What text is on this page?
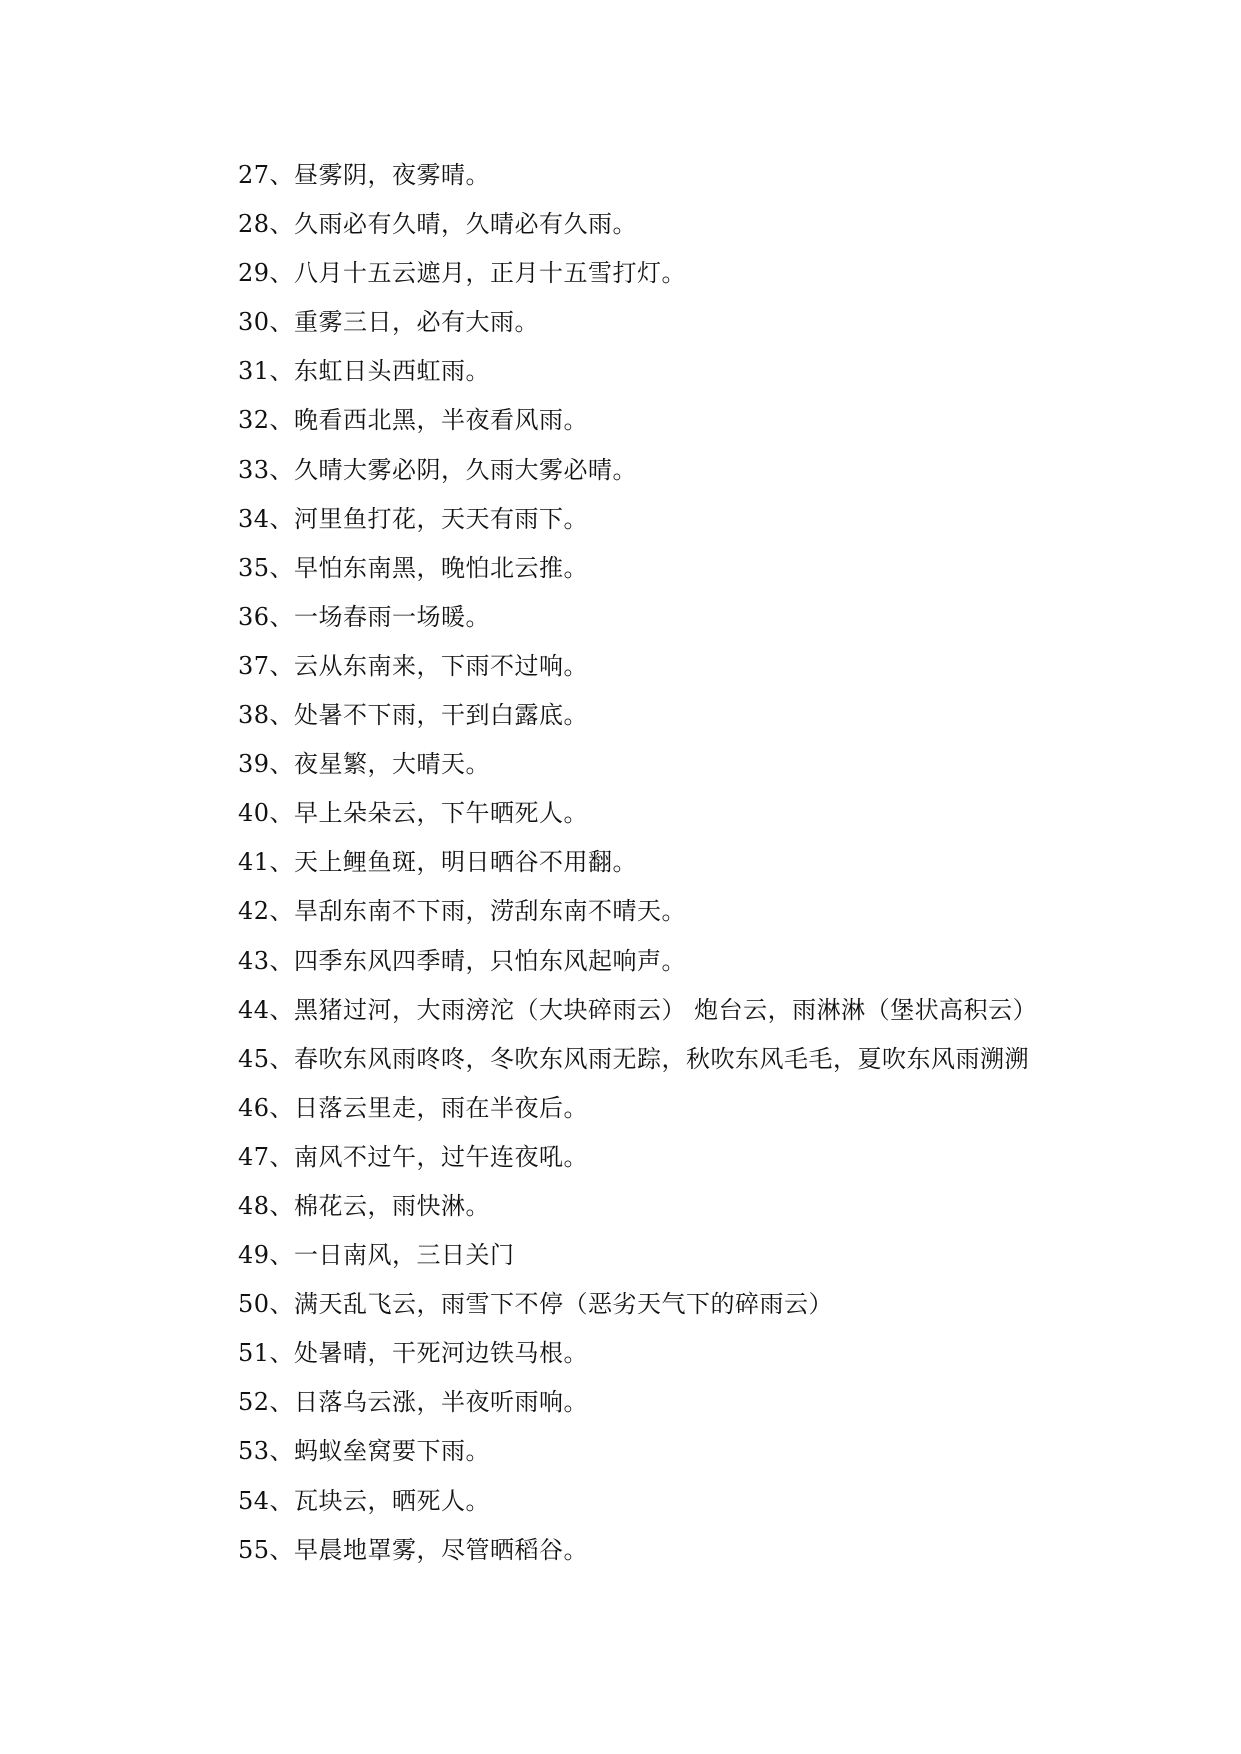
27、昼雾阴，夜雾晴。
28、久雨必有久晴，久晴必有久雨。
29、八月十五云遮月，正月十五雪打灯。
30、重雾三日，必有大雨。
31、东虹日头西虹雨。
32、晚看西北黑，半夜看风雨。
33、久晴大雾必阴，久雨大雾必晴。
34、河里鱼打花，天天有雨下。
35、早怕东南黑，晚怕北云推。
36、一场春雨一场暖。
37、云从东南来，下雨不过响。
38、处暑不下雨，干到白露底。
39、夜星繁，大晴天。
40、早上朵朵云，下午晒死人。
41、天上鲤鱼斑，明日晒谷不用翻。
42、旱刮东南不下雨，涝刮东南不晴天。
43、四季东风四季晴，只怕东风起响声。
44、黑猪过河，大雨滂沱（大块碎雨云） 炮台云，雨淋淋（堡状高积云）
45、春吹东风雨咚咚，冬吹东风雨无踪，秋吹东风毛毛，夏吹东风雨溯溯
46、日落云里走，雨在半夜后。
47、南风不过午，过午连夜吼。
48、棉花云，雨快淋。
49、一日南风，三日关门
50、满天乱飞云，雨雪下不停（恶劣天气下的碎雨云）
51、处暑晴，干死河边铁马根。
52、日落乌云涨，半夜听雨响。
53、蚂蚁垒窝要下雨。
54、瓦块云，晒死人。
55、早晨地罩雾，尽管晒稻谷。
